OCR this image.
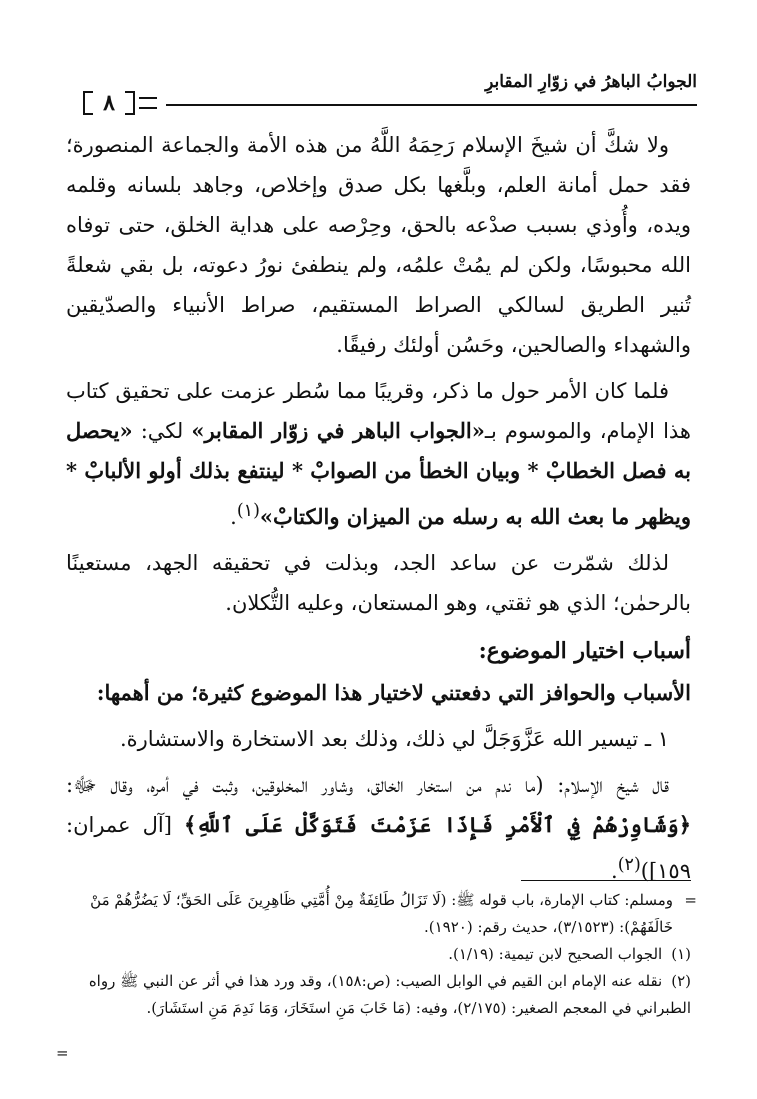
الجوابُ الباهرُ في زوّارِ المقابرِ
٨

ولا شكَّ أن شيخَ الإسلام رَحِمَهُ اللَّهُ من هذه الأمة والجماعة المنصورة؛ فقد حمل أمانة العلم، وبلَّغها بكل صدق وإخلاص، وجاهد بلسانه وقلمه ويده، وأُوذي بسبب صدْعه بالحق، وحِرْصه على هداية الخلق، حتى توفاه الله محبوسًا، ولكن لم يمُتْ علمُه، ولم ينطفئ نورُ دعوته، بل بقي شعلةً تُنير الطريق لسالكي الصراط المستقيم، صراط الأنبياء والصدّيقين والشهداء والصالحين، وحَسُن أولئك رفيقًا.

فلما كان الأمر حول ما ذكر، وقريبًا مما سُطر عزمت على تحقيق كتاب هذا الإمام، والموسوم بـ«الجواب الباهر في زوّار المقابر» لكي: «يحصل به فصل الخطابْ * وبيان الخطأ من الصوابْ * لينتفع بذلك أولو الألبابْ * ويظهر ما بعث الله به رسله من الميزان والكتابْ»$^{(١)}$.

لذلك شمّرت عن ساعد الجد، وبذلت في تحقيقه الجهد، مستعينًا بالرحمٰن؛ الذي هو ثقتي، وهو المستعان، وعليه التُّكلان.

أسباب اختيار الموضوع:

الأسباب والحوافز التي دفعتني لاختيار هذا الموضوع كثيرة؛ من أهمها:

١ ـ تيسير الله عَزَّوَجَلَّ لي ذلك، وذلك بعد الاستخارة والاستشارة.

قال شيخ الإسلام: (ما ندم من استخار الخالق، وشاور المخلوقين، وثبت في أمره، وقال ﷻ: ﴿وَشَاوِرْهُمْ فِي ٱلْأَمْرِ فَإِذَا عَزَمْتَ فَتَوَكَّلْ عَلَى ٱللَّهِ﴾ [آل عمران: ١٥٩])$^{(٢)}$.

=
ومسلم: كتاب الإمارة، باب قوله ﷺ: (لَا تَزَالُ طَائِفَةٌ مِنْ أُمَّتِي ظَاهِرِينَ عَلَى الحَقِّ؛ لَا يَضُرُّهُمْ مَنْ خَالَفَهُمْ): (٣/١٥٢٣)، حديث رقم: (١٩٢٠).

(١) الجواب الصحيح لابن تيمية: (١/١٩).

(٢) نقله عنه الإمام ابن القيم في الوابل الصيب: (ص:١٥٨)، وقد ورد هذا في أثر عن النبي ﷺ رواه الطبراني في المعجم الصغير: (٢/١٧٥)، وفيه: (مَا خَابَ مَنِ استَخَارَ، وَمَا نَدِمَ مَنِ استَشَارَ).

=
